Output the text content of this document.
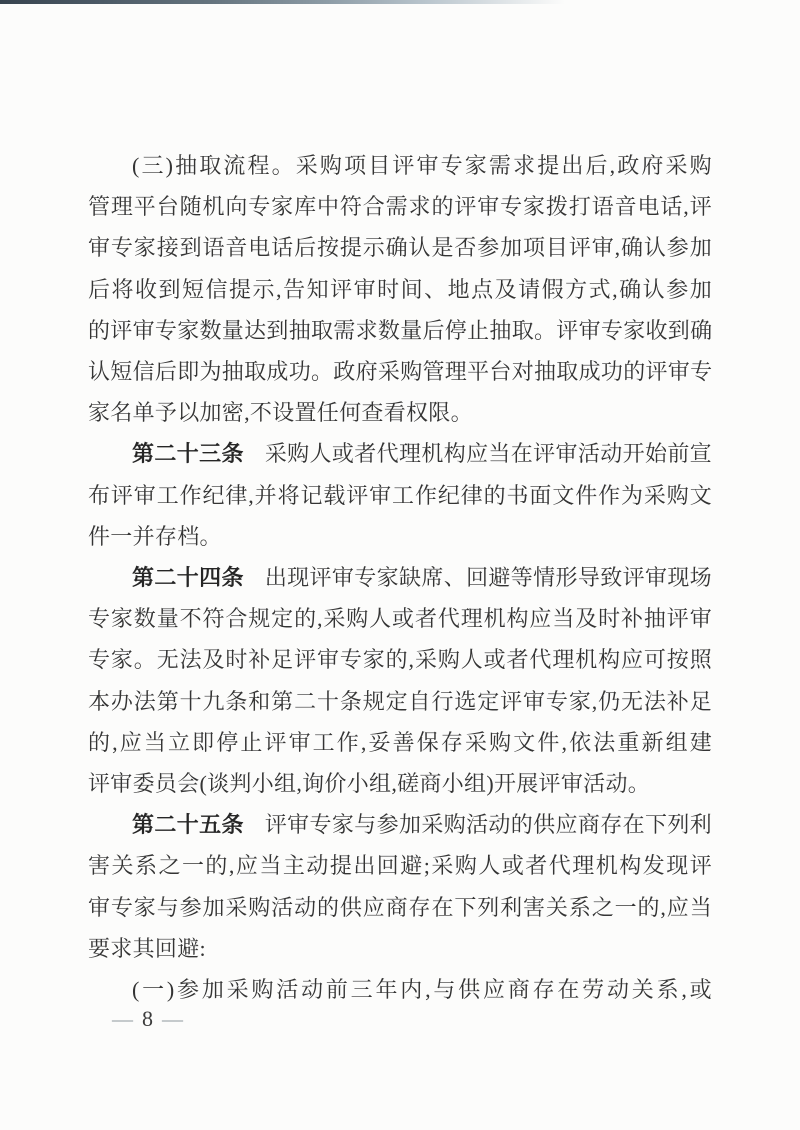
(三)抽取流程。采购项目评审专家需求提出后,政府采购
管理平台随机向专家库中符合需求的评审专家拨打语音电话,评
审专家接到语音电话后按提示确认是否参加项目评审,确认参加
后将收到短信提示,告知评审时间、地点及请假方式,确认参加
的评审专家数量达到抽取需求数量后停止抽取。评审专家收到确
认短信后即为抽取成功。政府采购管理平台对抽取成功的评审专
家名单予以加密,不设置任何查看权限。
第二十三条 采购人或者代理机构应当在评审活动开始前宣
布评审工作纪律,并将记载评审工作纪律的书面文件作为采购文
件一并存档。
第二十四条 出现评审专家缺席、回避等情形导致评审现场
专家数量不符合规定的,采购人或者代理机构应当及时补抽评审
专家。无法及时补足评审专家的,采购人或者代理机构应可按照
本办法第十九条和第二十条规定自行选定评审专家,仍无法补足
的,应当立即停止评审工作,妥善保存采购文件,依法重新组建
评审委员会(谈判小组,询价小组,磋商小组)开展评审活动。
第二十五条 评审专家与参加采购活动的供应商存在下列利
害关系之一的,应当主动提出回避;采购人或者代理机构发现评
审专家与参加采购活动的供应商存在下列利害关系之一的,应当
要求其回避:
(一)参加采购活动前三年内,与供应商存在劳动关系,或
— 8 —
